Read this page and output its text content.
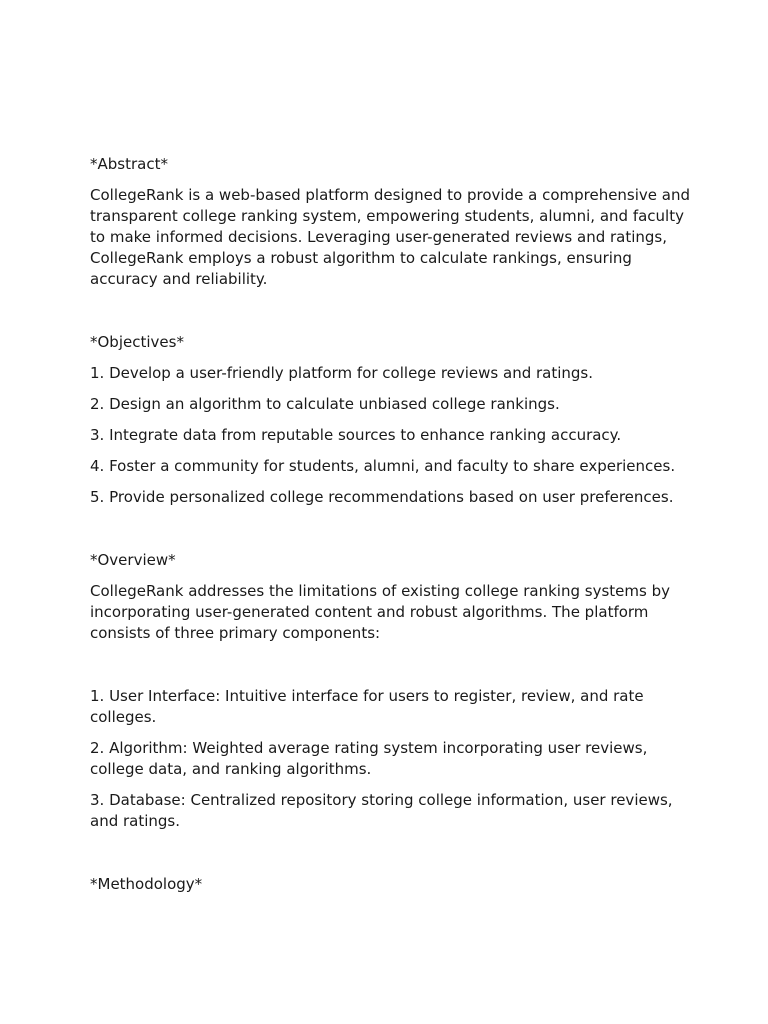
*Abstract*

CollegeRank is a web-based platform designed to provide a comprehensive and transparent college ranking system, empowering students, alumni, and faculty to make informed decisions. Leveraging user-generated reviews and ratings, CollegeRank employs a robust algorithm to calculate rankings, ensuring accuracy and reliability.

*Objectives*

1. Develop a user-friendly platform for college reviews and ratings.

2. Design an algorithm to calculate unbiased college rankings.

3. Integrate data from reputable sources to enhance ranking accuracy.

4. Foster a community for students, alumni, and faculty to share experiences.

5. Provide personalized college recommendations based on user preferences.

*Overview*

CollegeRank addresses the limitations of existing college ranking systems by incorporating user-generated content and robust algorithms. The platform consists of three primary components:

1. User Interface: Intuitive interface for users to register, review, and rate colleges.

2. Algorithm: Weighted average rating system incorporating user reviews, college data, and ranking algorithms.

3. Database: Centralized repository storing college information, user reviews, and ratings.

*Methodology*
